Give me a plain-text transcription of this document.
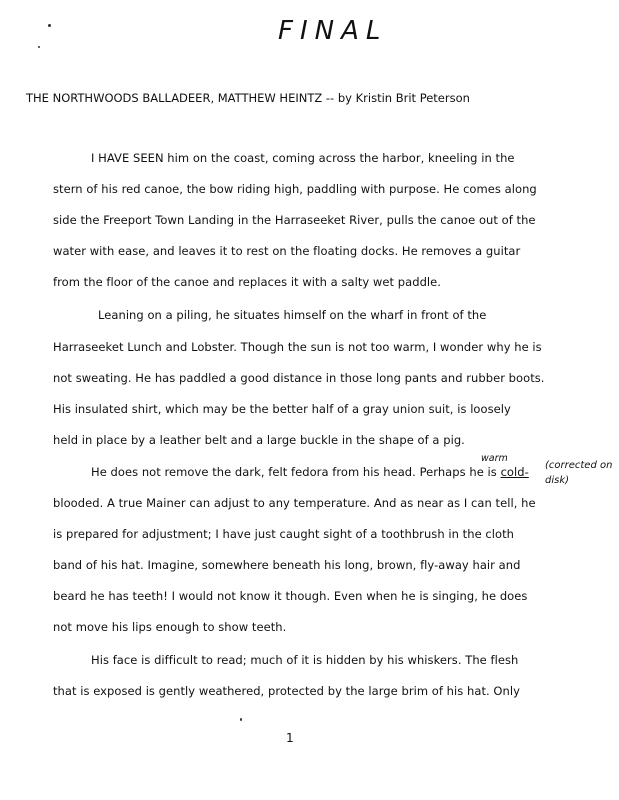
FINAL
THE NORTHWOODS BALLADEER, MATTHEW HEINTZ -- by Kristin Brit Peterson
I HAVE SEEN him on the coast, coming across the harbor, kneeling in the
stern of his red canoe, the bow riding high, paddling with purpose. He comes along
side the Freeport Town Landing in the Harraseeket River, pulls the canoe out of the
water with ease, and leaves it to rest on the floating docks. He removes a guitar
from the floor of the canoe and replaces it with a salty wet paddle.
Leaning on a piling, he situates himself on the wharf in front of the
Harraseeket Lunch and Lobster. Though the sun is not too warm, I wonder why he is
not sweating. He has paddled a good distance in those long pants and rubber boots.
His insulated shirt, which may be the better half of a gray union suit, is loosely
held in place by a leather belt and a large buckle in the shape of a pig.
He does not remove the dark, felt fedora from his head. Perhaps he is cold-
warm
(corrected on disk)
blooded. A true Mainer can adjust to any temperature. And as near as I can tell, he
is prepared for adjustment; I have just caught sight of a toothbrush in the cloth
band of his hat. Imagine, somewhere beneath his long, brown, fly-away hair and
beard he has teeth! I would not know it though. Even when he is singing, he does
not move his lips enough to show teeth.
His face is difficult to read; much of it is hidden by his whiskers. The flesh
that is exposed is gently weathered, protected by the large brim of his hat. Only
1
